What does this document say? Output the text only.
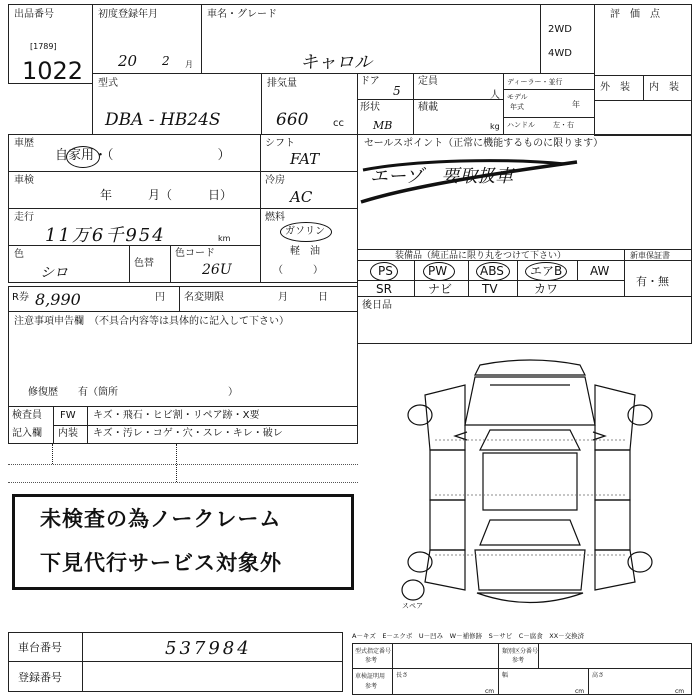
出品番号
[1789]
1022
初度登録年月
20 2 月
車名・グレード
キャロル
2WD
4WD
評　価　点
型式
DBA - HB24S
排気量
660 cc
ドア
5
形状
MB
定員
人
積載
kg
ディーラー・並行
モデル
年式	年
ハンドル	左・右
外　装 内　装
車歴
自家用・（　　　　　　　　）
車検
年　　　月（　　　日）
走行
11万6千954	km
色
シロ
色替
色コード
26U
シフト
FAT
冷房
AC
燃料
ガソリン
軽　油
（　　　）
R券 8,990	円 名変期限	月　　　日
セールスポイント（正常に機能するものに限ります）
エーゾ　要取扱車
装備品（純正品に限り丸をつけて下さい）
PS	PW	ABS エアB AW
SR	ナビ TV	カワ
新車保証書
有・無
後日品
注意事項申告欄　（不具合内容等は具体的に記入して下さい）
修復歴　　有（箇所　　　　　　　　　　　）
検査員
記入欄
FW キズ・飛石・ヒビ割・リペア跡・X要
内装 キズ・汚レ・コゲ・穴・スレ・キレ・破レ
未検査の為ノークレーム
下見代行サービス対象外
スペア
車台番号	537984
登録番号
A－キズ　E－エクボ　U－凹み　W－補修跡　S－サビ　C－腐食　XX－交換済
型式指定番号
参考
類別区分番号
参考
車検証明用
参考
長さ
cm
幅
cm
高さ
cm
